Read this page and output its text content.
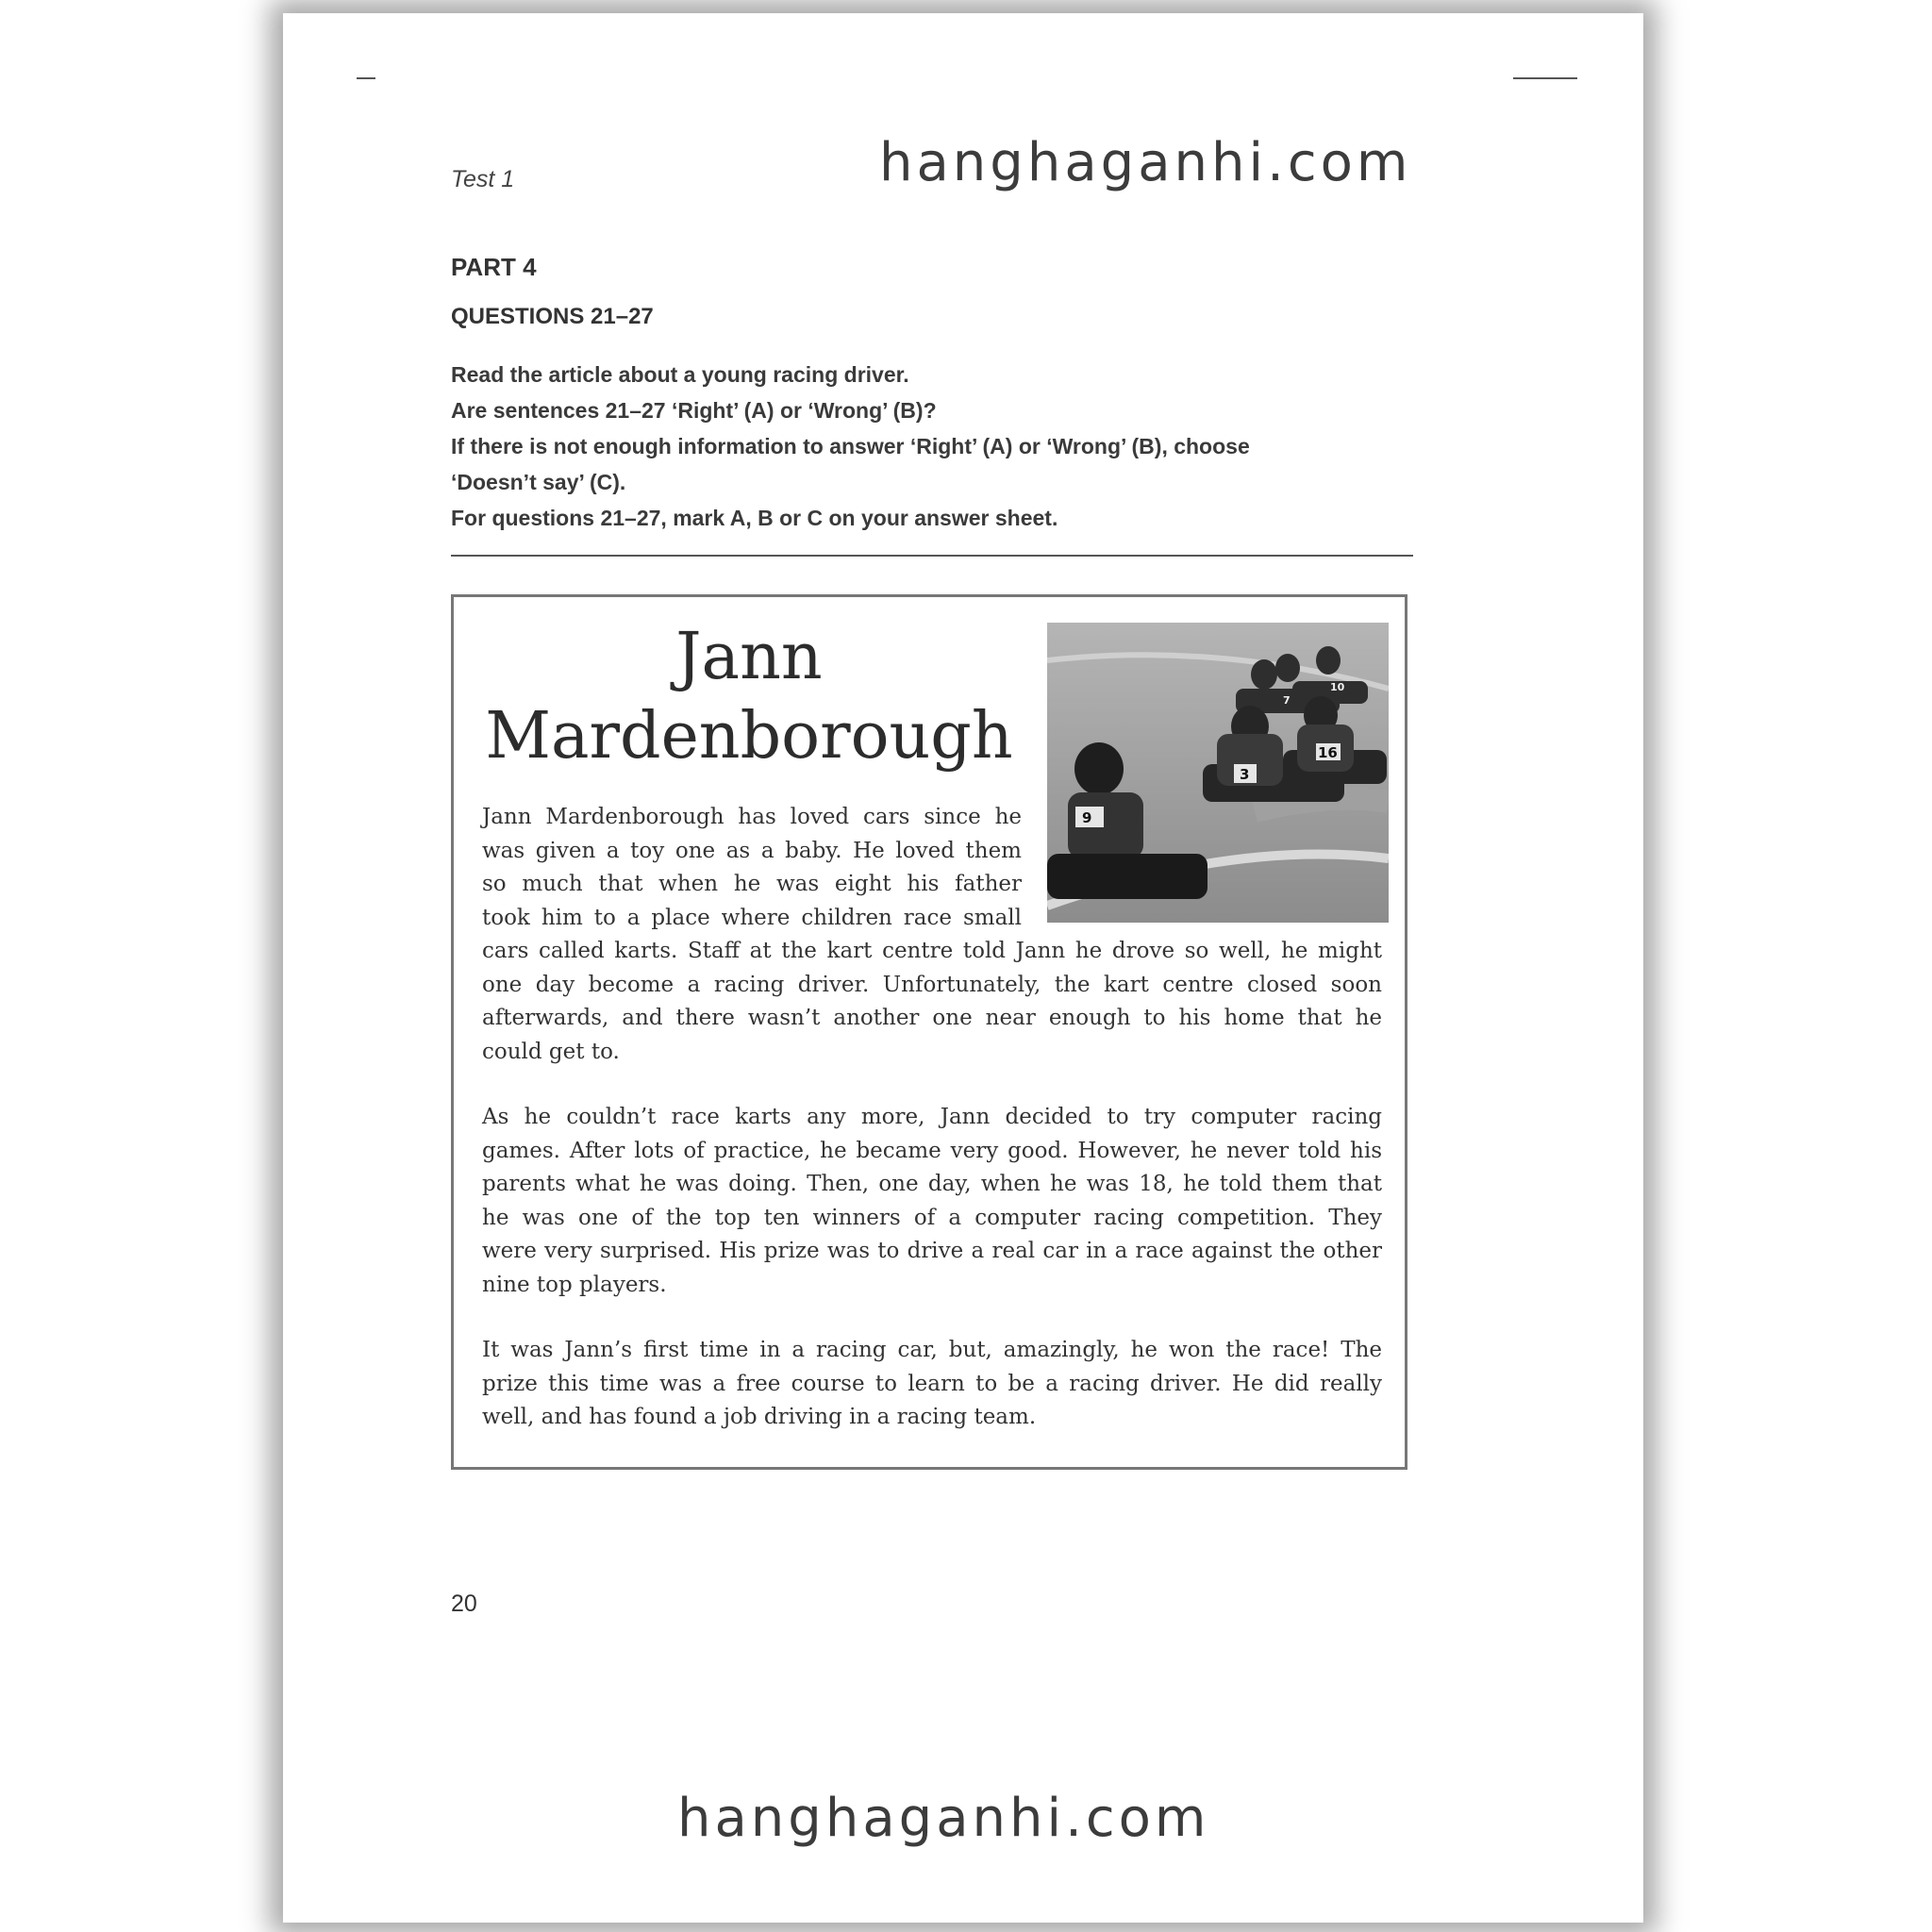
hanghaganhi.com
Test 1
PART 4
QUESTIONS 21–27
Read the article about a young racing driver.
Are sentences 21–27 ‘Right’ (A) or ‘Wrong’ (B)?
If there is not enough information to answer ‘Right’ (A) or ‘Wrong’ (B), choose
‘Doesn’t say’ (C).
For questions 21–27, mark A, B or C on your answer sheet.
Jann
Mardenborough
9
3
16
7
10
Jann Mardenborough has loved cars since he
was given a toy one as a baby. He loved them
so much that when he was eight his father
took him to a place where children race small
cars called karts. Staff at the kart centre told Jann he drove so well, he might
one day become a racing driver. Unfortunately, the kart centre closed soon
afterwards, and there wasn’t another one near enough to his home that he
could get to.
As he couldn’t race karts any more, Jann decided to try computer racing
games. After lots of practice, he became very good. However, he never told his
parents what he was doing. Then, one day, when he was 18, he told them that
he was one of the top ten winners of a computer racing competition. They
were very surprised. His prize was to drive a real car in a race against the other
nine top players.
It was Jann’s first time in a racing car, but, amazingly, he won the race! The
prize this time was a free course to learn to be a racing driver. He did really
well, and has found a job driving in a racing team.
20
hanghaganhi.com
